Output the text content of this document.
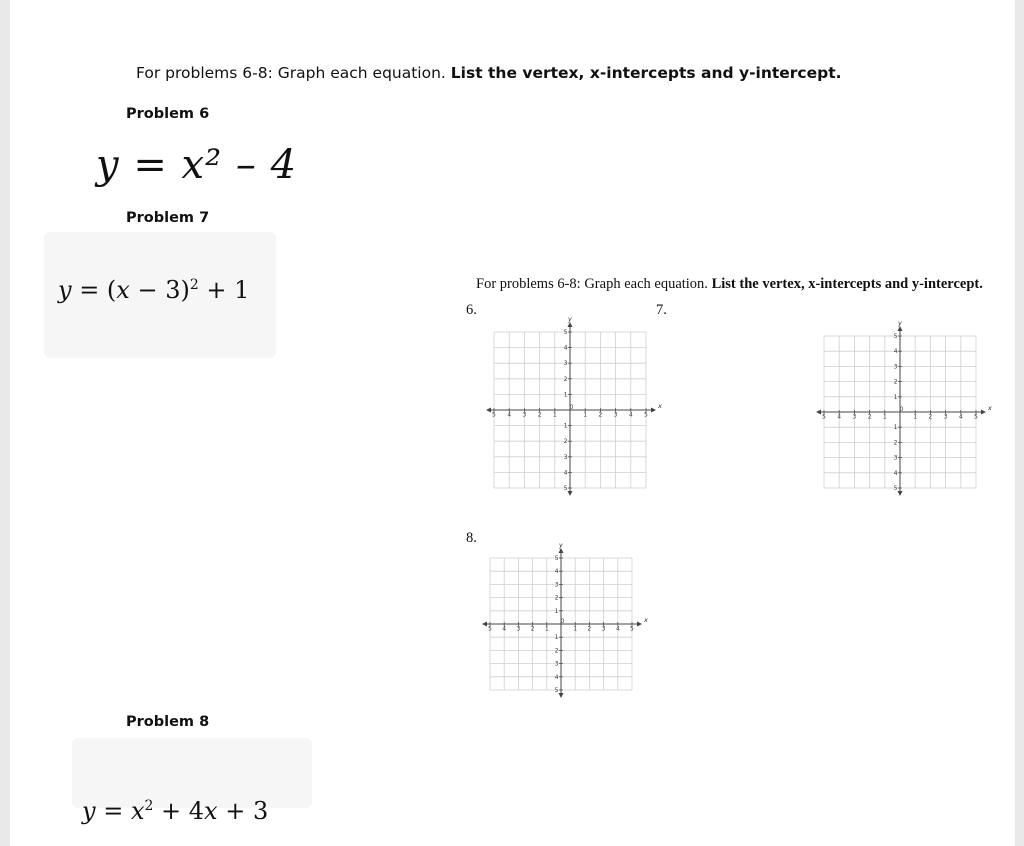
For problems 6-8: Graph each equation. List the vertex, x-intercepts and y-intercept.
Problem 6
y = x² – 4
Problem 7
$y = (x - 3)^2 + 1$	For problems 6-8: Graph each equation. List the vertex, x-intercepts and y-intercept.
6.	7.
8.
x
y
5 4 3 2 1
0
1 2 3 4 5
5
4
3
2
1
1
2
3
4
5
x
y
5 4 3 2 1
0
1 2 3 4 5
5
4
3
2
1
1
2
3
4
5
x
y
5 4 3 2 1
0
1 2 3 4 5
5
4
3
2
1
1
2
3
4
5
Problem 8
$y = x^2 + 4x + 3$
